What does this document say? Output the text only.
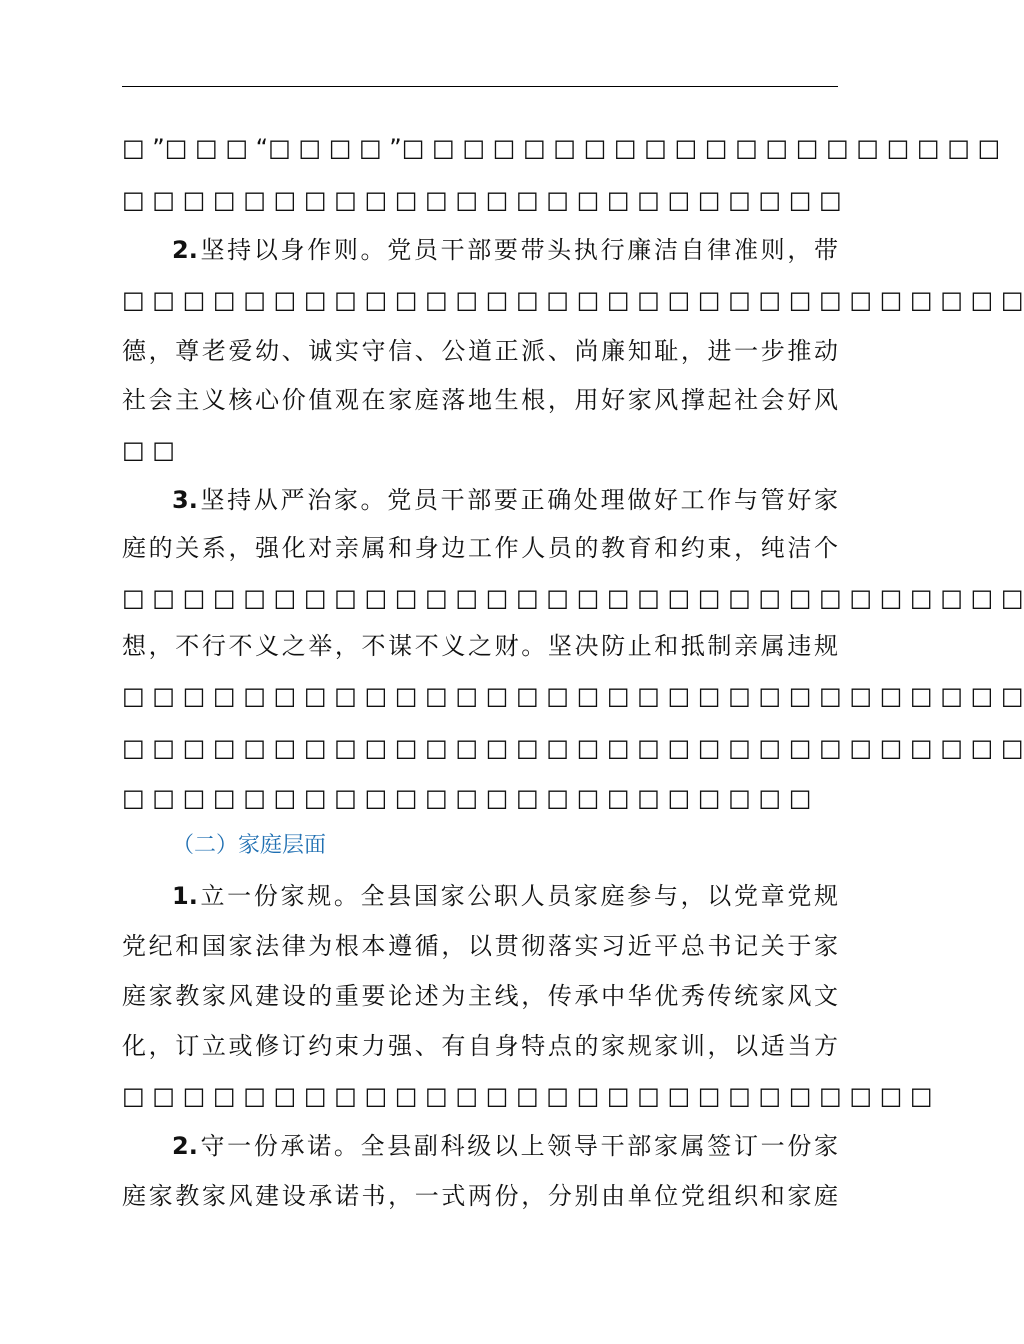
□ ”□ □ □ “□ □ □ □ ”□ □ □ □ □ □ □ □ □ □ □ □ □ □ □ □ □ □ □ □
□ □ □ □ □ □ □ □ □ □ □ □ □ □ □ □ □ □ □ □ □ □ □ □
2.坚持以身作则。党员干部要带头执行廉洁自律准则，带
□ □ □ □ □ □ □ □ □ □ □ □ □ □ □ □ □ □ □ □ □ □ □ □ □ □ □ □ □ □
德，尊老爱幼、诚实守信、公道正派、尚廉知耻，进一步推动
社会主义核心价值观在家庭落地生根，用好家风撑起社会好风
□ □
3.坚持从严治家。党员干部要正确处理做好工作与管好家
庭的关系，强化对亲属和身边工作人员的教育和约束，纯洁个
□ □ □ □ □ □ □ □ □ □ □ □ □ □ □ □ □ □ □ □ □ □ □ □ □ □ □ □ □ □
想，不行不义之举，不谋不义之财。坚决防止和抵制亲属违规
□ □ □ □ □ □ □ □ □ □ □ □ □ □ □ □ □ □ □ □ □ □ □ □ □ □ □ □ □ □
□ □ □ □ □ □ □ □ □ □ □ □ □ □ □ □ □ □ □ □ □ □ □ □ □ □ □ □ □ □
□ □ □ □ □ □ □ □ □ □ □ □ □ □ □ □ □ □ □ □ □ □ □
（二）家庭层面
1.立一份家规。全县国家公职人员家庭参与，以党章党规
党纪和国家法律为根本遵循，以贯彻落实习近平总书记关于家
庭家教家风建设的重要论述为主线，传承中华优秀传统家风文
化，订立或修订约束力强、有自身特点的家规家训，以适当方
□ □ □ □ □ □ □ □ □ □ □ □ □ □ □ □ □ □ □ □ □ □ □ □ □ □ □
2.守一份承诺。全县副科级以上领导干部家属签订一份家
庭家教家风建设承诺书，一式两份，分别由单位党组织和家庭
